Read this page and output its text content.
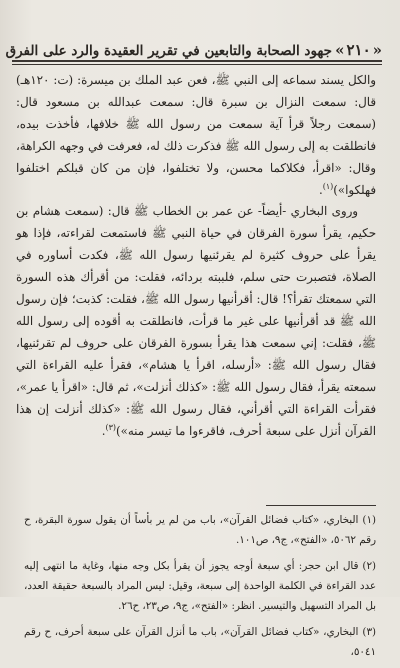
« ٢١٠ »
جهود الصحابة والتابعين في تقرير العقيدة والرد على الفرق

والكل يسند سماعه إلى النبي ﷺ، فعن عبد الملك بن ميسرة: (ت: ١٢٠هـ) قال: سمعت النزال بن سبرة قال: سمعت عبدالله بن مسعود قال: (سمعت رجلاً قرأ آية سمعت من رسول الله ﷺ خلافها، فأخذت بيده، فانطلقت به إلى رسول الله ﷺ فذكرت ذلك له، فعرفت في وجهه الكراهة، وقال: «اقرأ، فكلاكما محسن، ولا تختلفوا، فإن من كان قبلكم اختلفوا فهلكوا»)$^{(١)}$.

وروى البخاري -أيضاً- عن عمر بن الخطاب ﷺ قال: (سمعت هشام بن حكيم، يقرأ سورة الفرقان في حياة النبي ﷺ فاستمعت لقراءته، فإذا هو يقرأ على حروف كثيرة لم يقرئنيها رسول الله ﷺ، فكدت أساوره في الصلاة، فتصبرت حتى سلم، فلببته بردائه، فقلت: من أقرأك هذه السورة التي سمعتك تقرأ؟! قال: أقرأنيها رسول الله ﷺ، فقلت: كذبت؛ فإن رسول الله ﷺ قد أقرأنيها على غير ما قرأت، فانطلقت به أقوده إلى رسول الله ﷺ، فقلت: إني سمعت هذا يقرأ بسورة الفرقان على حروف لم تقرئنيها، فقال رسول الله ﷺ: «أرسله، اقرأ يا هشام»، فقرأ عليه القراءة التي سمعته يقرأ، فقال رسول الله ﷺ: «كذلك أنزلت»، ثم قال: «اقرأ يا عمر»، فقرأت القراءة التي أقرأني، فقال رسول الله ﷺ: «كذلك أنزلت إن هذا القرآن أنزل على سبعة أحرف، فاقرءوا ما تيسر منه»)$^{(٣)}$.

(١)البخاري، «كتاب فضائل القرآن»، باب من لم ير بأساً أن يقول سورة البقرة، ح رقم ٥٠٦٢، «الفتح»، ج٩، ص١٠١.

(٢)قال ابن حجر: أي سبعة أوجه يجوز أن يقرأ بكل وجه منها، وغاية ما انتهى إليه عدد القراءة في الكلمة الواحدة إلى سبعة، وقيل: ليس المراد بالسبعة حقيقة العدد، بل المراد التسهيل والتيسير. انظر: «الفتح»، ج٩، ص٢٣، ح٢٦.

(٣)البخاري، «كتاب فضائل القرآن»، باب ما أنزل القرآن على سبعة أحرف، ح رقم ٥٠٤١،
